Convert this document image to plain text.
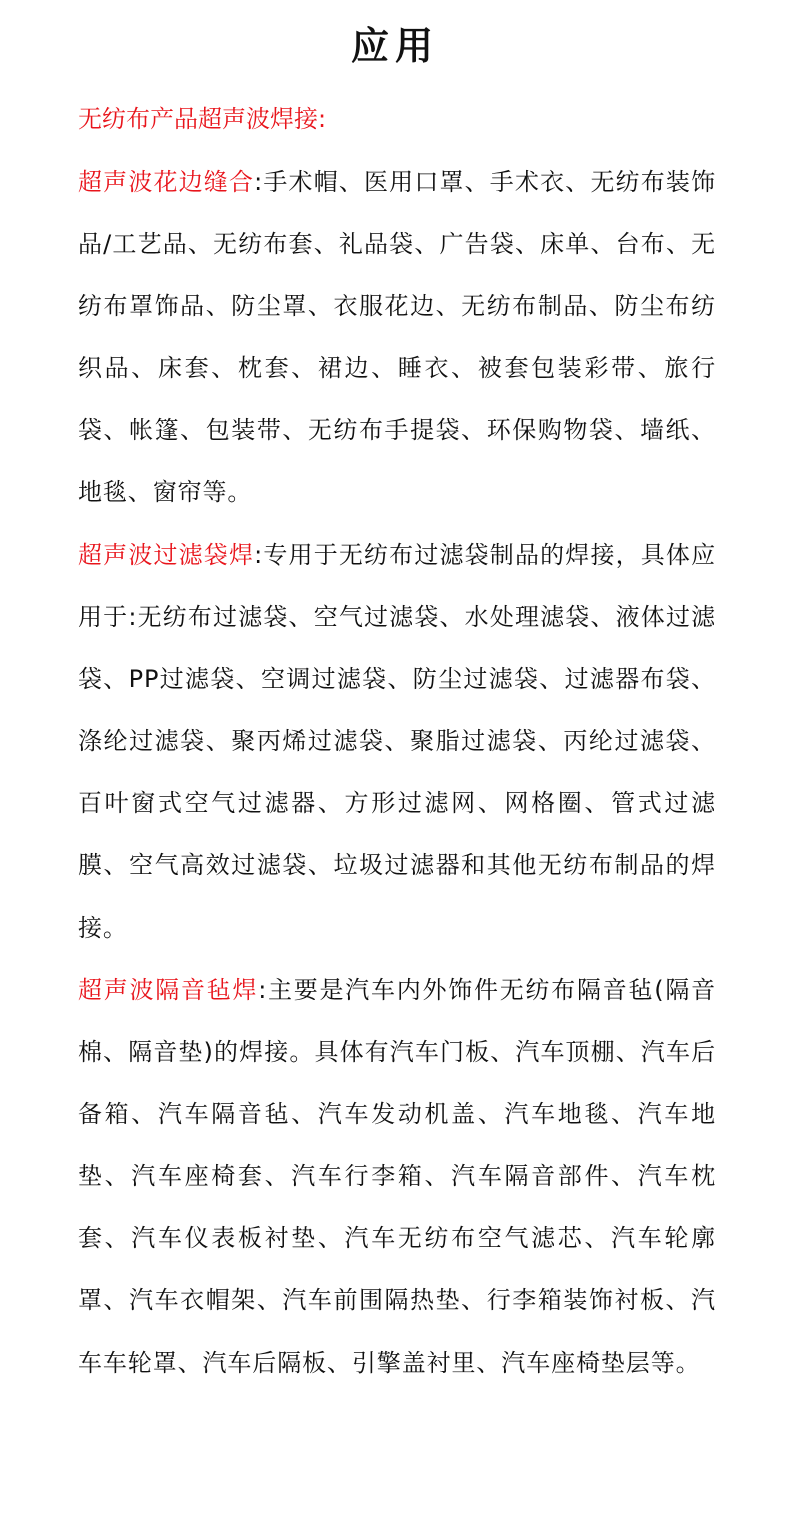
应用
无纺布产品超声波焊接:

超声波花边缝合:手术帽、医用口罩、手术衣、无纺布装饰品/工艺品、无纺布套、礼品袋、广告袋、床单、台布、无纺布罩饰品、防尘罩、衣服花边、无纺布制品、防尘布纺织品、床套、枕套、裙边、睡衣、被套包装彩带、旅行袋、帐篷、包装带、无纺布手提袋、环保购物袋、墙纸、地毯、窗帘等。

超声波过滤袋焊:专用于无纺布过滤袋制品的焊接，具体应用于:无纺布过滤袋、空气过滤袋、水处理滤袋、液体过滤袋、PP过滤袋、空调过滤袋、防尘过滤袋、过滤器布袋、涤纶过滤袋、聚丙烯过滤袋、聚脂过滤袋、丙纶过滤袋、百叶窗式空气过滤器、方形过滤网、网格圈、管式过滤膜、空气高效过滤袋、垃圾过滤器和其他无纺布制品的焊接。

超声波隔音毡焊:主要是汽车内外饰件无纺布隔音毡(隔音棉、隔音垫)的焊接。具体有汽车门板、汽车顶棚、汽车后备箱、汽车隔音毡、汽车发动机盖、汽车地毯、汽车地垫、汽车座椅套、汽车行李箱、汽车隔音部件、汽车枕套、汽车仪表板衬垫、汽车无纺布空气滤芯、汽车轮廓罩、汽车衣帽架、汽车前围隔热垫、行李箱装饰衬板、汽车车轮罩、汽车后隔板、引擎盖衬里、汽车座椅垫层等。
